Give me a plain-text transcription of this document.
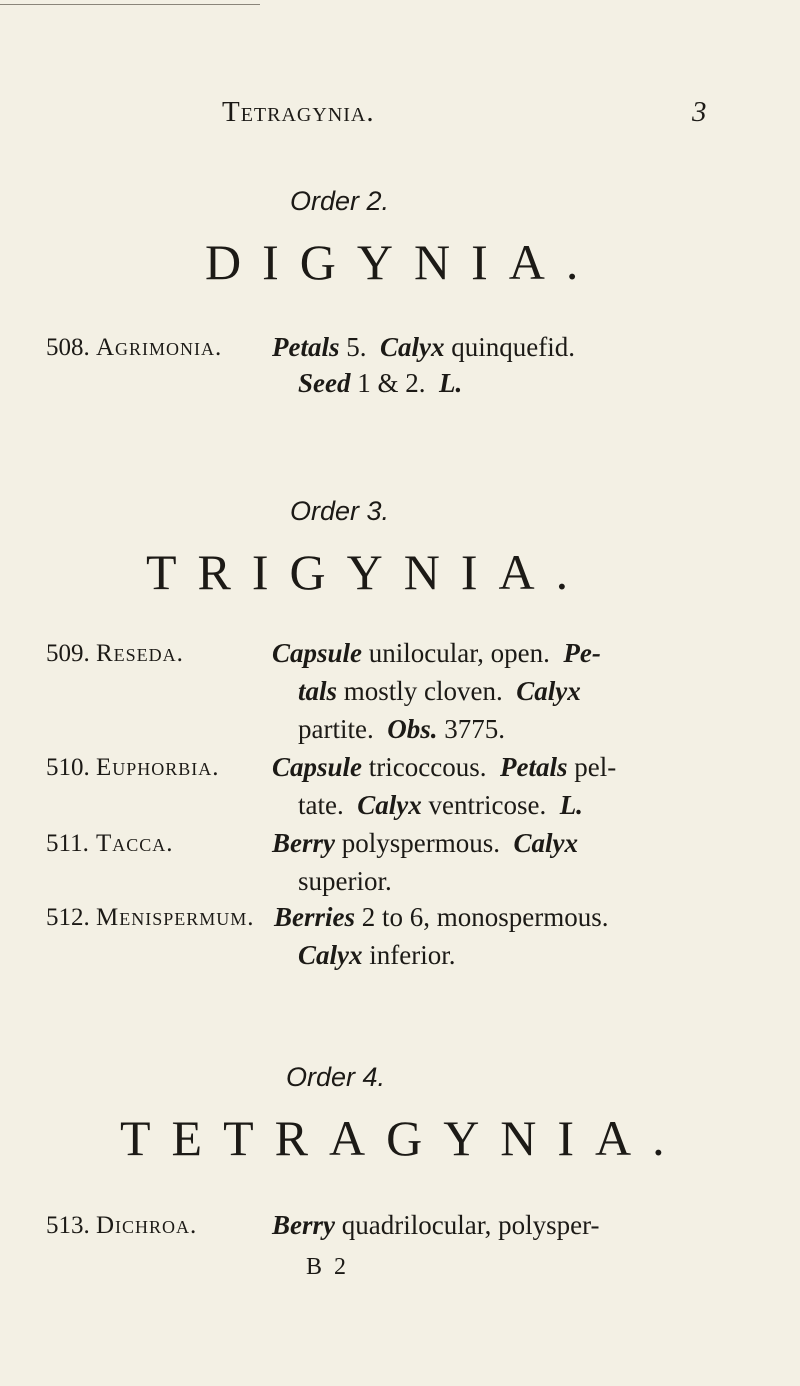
Tetragynia.	3
Order 2.
DIGYNIA.
508. Agrimonia. Petals 5.  Calyx quinquefid.
Seed 1 & 2.  L.
Order 3.
TRIGYNIA.
509. Reseda.	Capsule unilocular, open.  Pe-
tals mostly cloven.  Calyx
partite.  Obs. 3775.
510. Euphorbia. Capsule tricoccous.  Petals pel-
tate.  Calyx ventricose.  L.
511. Tacca.	Berry polyspermous.  Calyx
superior.
512. Menispermum. Berries 2 to 6, monospermous.
Calyx inferior.
Order 4.
TETRAGYNIA.
513. Dichroa.	Berry quadrilocular, polysper-
B 2
